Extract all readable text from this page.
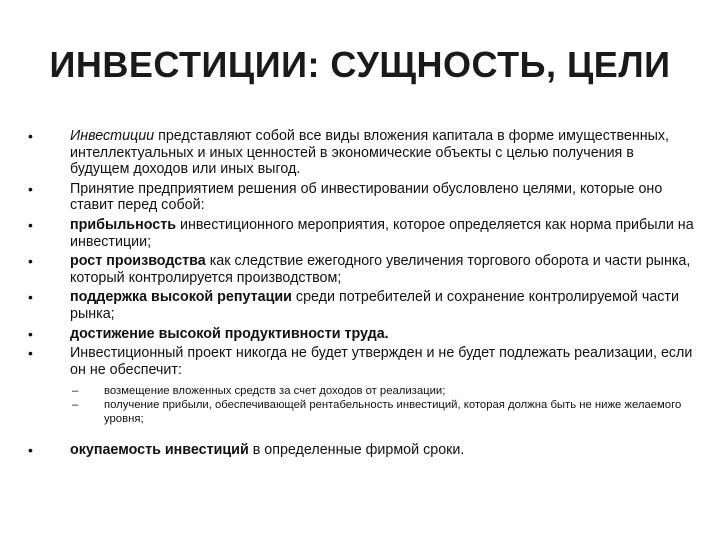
ИНВЕСТИЦИИ: СУЩНОСТЬ, ЦЕЛИ
•	Инвестиции представляют собой все виды вложения капитала в форме имущественных, интеллектуальных и иных ценностей в экономические объекты с целью получения в будущем доходов или иных выгод.
•	Принятие предприятием решения об инвестировании обусловлено целями, которые оно ставит перед собой:
•	прибыльность инвестиционного мероприятия, которое определяется как норма прибыли на инвестиции;
•	рост производства как следствие ежегодного увеличения торгового оборота и части рынка, который контролируется производством;
•	поддержка высокой репутации среди потребителей и сохранение контролируемой части рынка;
•	достижение высокой продуктивности труда.
•	Инвестиционный проект никогда не будет утвержден и не будет подлежать реализации, если он не обеспечит:
– возмещение вложенных средств за счет доходов от реализации;
– получение прибыли, обеспечивающей рентабельность инвестиций, которая должна быть не ниже желаемого уровня;
•	окупаемость инвестиций в определенные фирмой сроки.
